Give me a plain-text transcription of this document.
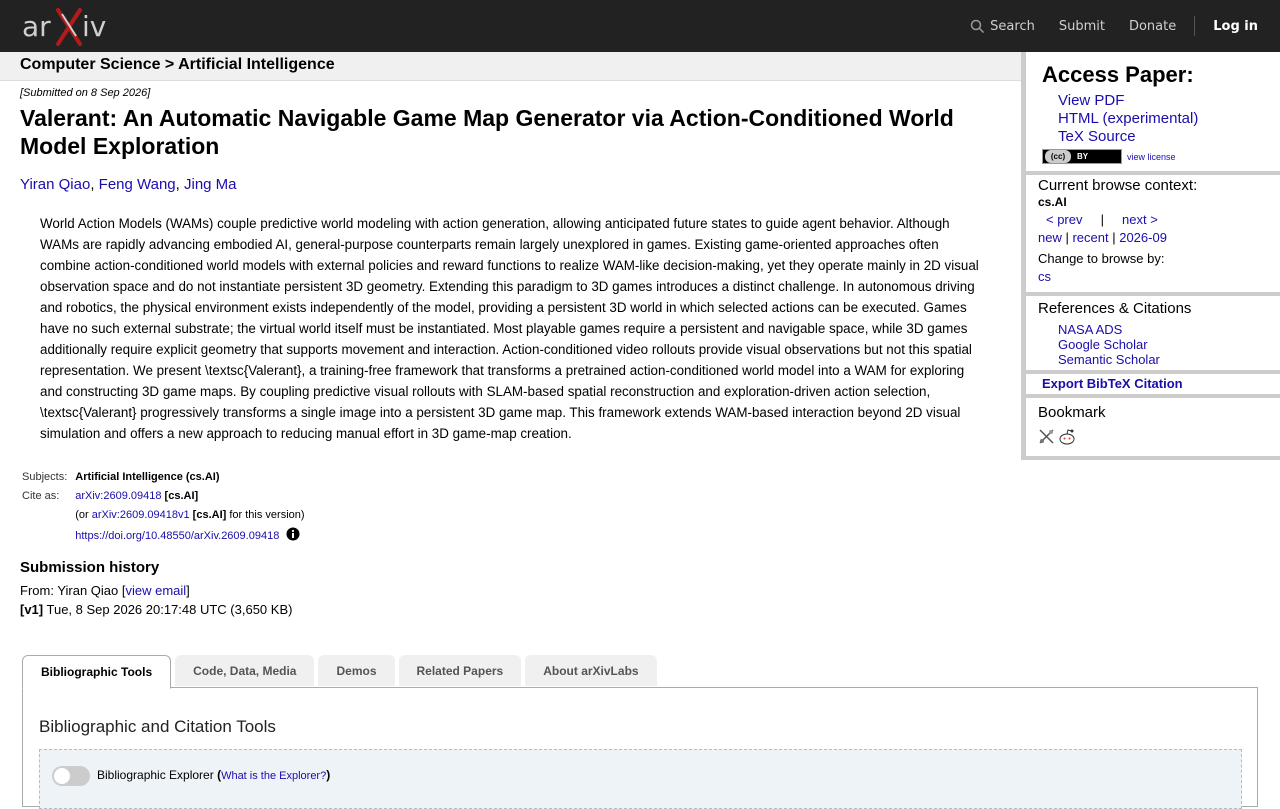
ar iv	Search	Submit	Donate	Log in
Computer Science > Artificial Intelligence
[Submitted on 8 Sep 2026]
Valerant: An Automatic Navigable Game Map Generator via Action-Conditioned World Model Exploration
Yiran Qiao, Feng Wang, Jing Ma

World Action Models (WAMs) couple predictive world modeling with action generation, allowing anticipated future states to guide agent behavior. Although WAMs are rapidly advancing embodied AI, general-purpose counterparts remain largely unexplored in games. Existing game-oriented approaches often combine action-conditioned world models with external policies and reward functions to realize WAM-like decision-making, yet they operate mainly in 2D visual observation space and do not instantiate persistent 3D geometry. Extending this paradigm to 3D games introduces a distinct challenge. In autonomous driving and robotics, the physical environment exists independently of the model, providing a persistent 3D world in which selected actions can be executed. Games have no such external substrate; the virtual world itself must be instantiated. Most playable games require a persistent and navigable space, while 3D games additionally require explicit geometry that supports movement and interaction. Action-conditioned video rollouts provide visual observations but not this spatial representation. We present \textsc{Valerant}, a training-free framework that transforms a pretrained action-conditioned world model into a WAM for exploring and constructing 3D game maps. By coupling predictive visual rollouts with SLAM-based spatial reconstruction and exploration-driven action selection, \textsc{Valerant} progressively transforms a single image into a persistent 3D game map. This framework extends WAM-based interaction beyond 2D visual simulation and offers a new approach to reducing manual effort in 3D game-map creation.

Subjects:	Artificial Intelligence (cs.AI)
Cite as:	arXiv:2609.09418 [cs.AI]
	(or arXiv:2609.09418v1 [cs.AI] for this version)
	https://doi.org/10.48550/arXiv.2609.09418
Submission history
From: Yiran Qiao [view email]
[v1] Tue, 8 Sep 2026 20:17:48 UTC (3,650 KB)
Bibliographic Tools	Code, Data, Media	Demos	Related Papers	About arXivLabs
Bibliographic and Citation Tools
Bibliographic Explorer (What is the Explorer?)
Access Paper:
View PDF
HTML (experimental)
TeX Source
(cc)	BY	view license
Current browse context:
cs.AI
< prev | next >
new | recent | 2026-09
Change to browse by:
cs
References & Citations
NASA ADS
Google Scholar
Semantic Scholar
Export BibTeX Citation
Bookmark
